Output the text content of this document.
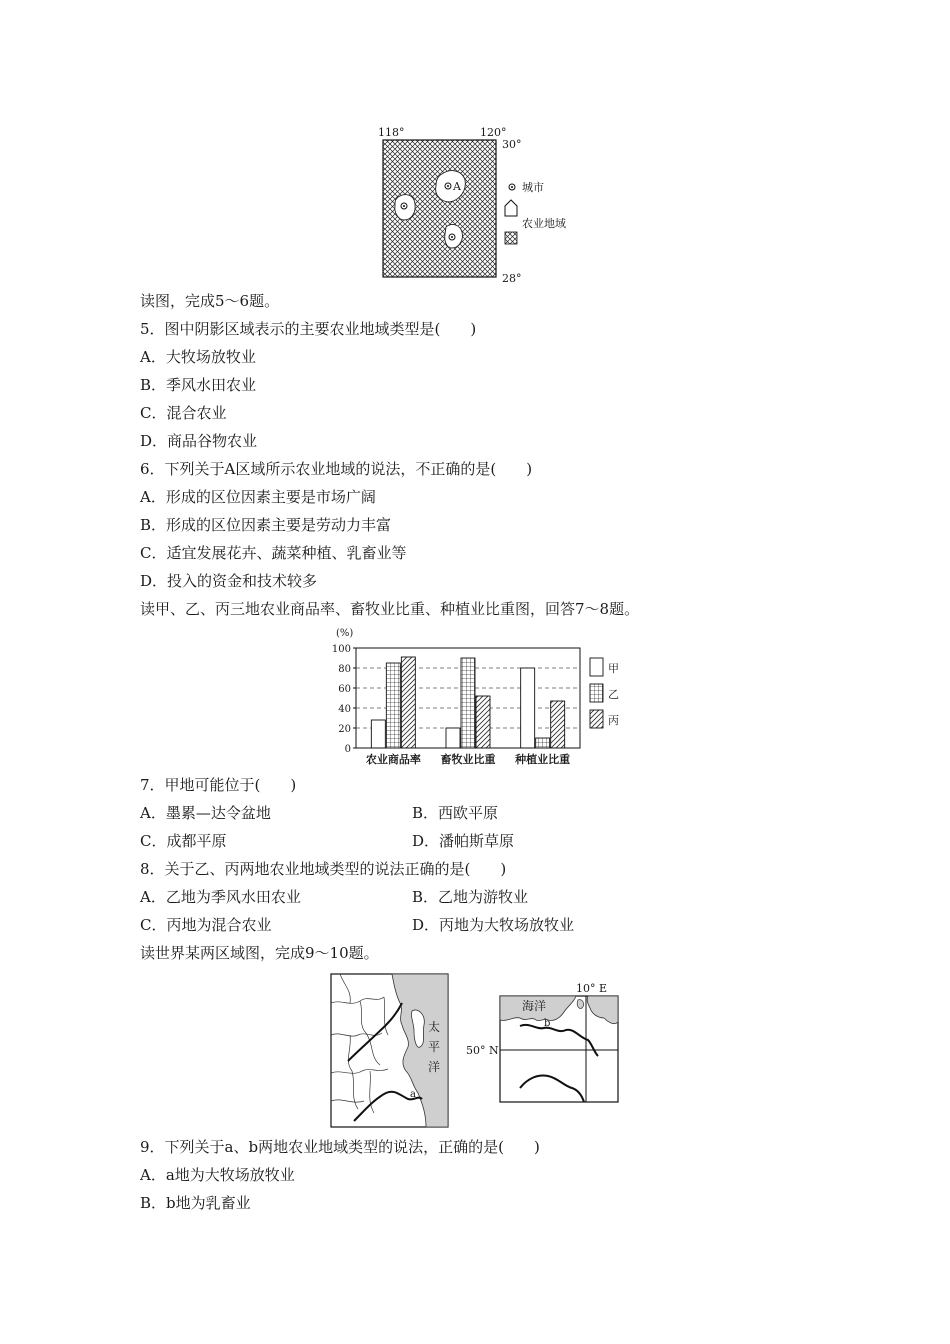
118°	120°
30°
28°
A	城市
农业地域
读图，完成5～6题。
5．图中阴影区域表示的主要农业地域类型是(　　)
A．大牧场放牧业
B．季风水田农业
C．混合农业
D．商品谷物农业
6．下列关于A区域所示农业地域的说法，不正确的是(　　)
A．形成的区位因素主要是市场广阔
B．形成的区位因素主要是劳动力丰富
C．适宜发展花卉、蔬菜种植、乳畜业等
D．投入的资金和技术较多
读甲、乙、丙三地农业商品率、畜牧业比重、种植业比重图，回答7～8题。
0
20
40
60
80
100
农业商品率 畜牧业比重 种植业比重
甲
乙
丙
(%)
7．甲地可能位于(　　)
A．墨累—达令盆地	B．西欧平原
C．成都平原	D．潘帕斯草原
8．关于乙、丙两地农业地域类型的说法正确的是(　　)
A．乙地为季风水田农业	B．乙地为游牧业
C．丙地为混合农业	D．丙地为大牧场放牧业
读世界某两区域图，完成9～10题。
太
平
洋
a
海洋
b
10° E
50° N
9．下列关于a、b两地农业地域类型的说法，正确的是(　　)
A．a地为大牧场放牧业
B．b地为乳畜业
